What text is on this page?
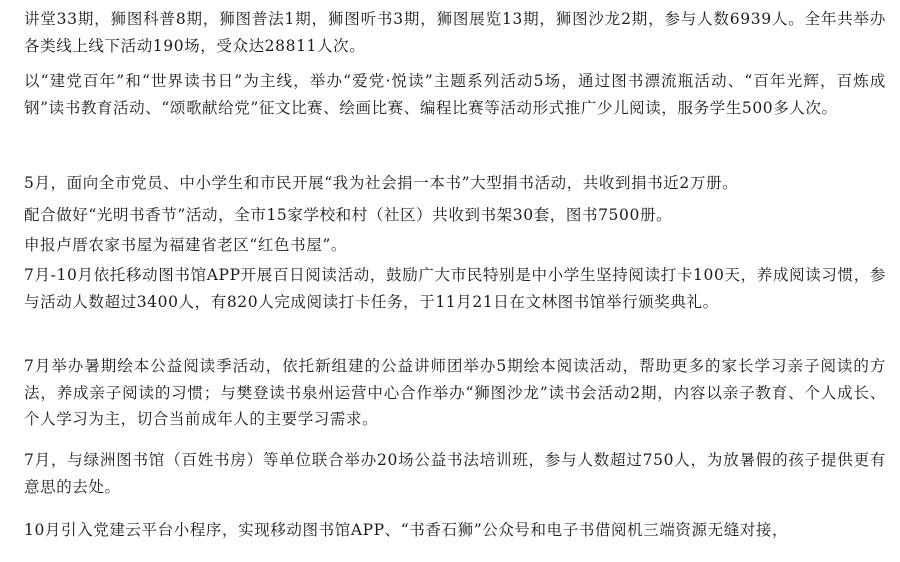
讲堂33期，狮图科普8期，狮图普法1期，狮图听书3期，狮图展览13期，狮图沙龙2期，参与人数6939人。全年共举办各类线上线下活动190场，受众达28811人次。

以“建党百年”和“世界读书日”为主线，举办“爱党·悦读”主题系列活动5场，通过图书漂流瓶活动、“百年光辉，百炼成钢”读书教育活动、“颂歌献给党”征文比赛、绘画比赛、编程比赛等活动形式推广少儿阅读，服务学生500多人次。

5月，面向全市党员、中小学生和市民开展“我为社会捐一本书”大型捐书活动，共收到捐书近2万册。

配合做好“光明书香节”活动，全市15家学校和村（社区）共收到书架30套，图书7500册。

申报卢厝农家书屋为福建省老区“红色书屋”。

7月-10月依托移动图书馆APP开展百日阅读活动，鼓励广大市民特别是中小学生坚持阅读打卡100天，养成阅读习惯，参与活动人数超过3400人，有820人完成阅读打卡任务，于11月21日在文林图书馆举行颁奖典礼。

7月举办暑期绘本公益阅读季活动，依托新组建的公益讲师团举办5期绘本阅读活动，帮助更多的家长学习亲子阅读的方法，养成亲子阅读的习惯；与樊登读书泉州运营中心合作举办“狮图沙龙”读书会活动2期，内容以亲子教育、个人成长、个人学习为主，切合当前成年人的主要学习需求。

7月，与绿洲图书馆（百姓书房）等单位联合举办20场公益书法培训班，参与人数超过750人，为放暑假的孩子提供更有意思的去处。

10月引入党建云平台小程序，实现移动图书馆APP、“书香石狮”公众号和电子书借阅机三端资源无缝对接，
